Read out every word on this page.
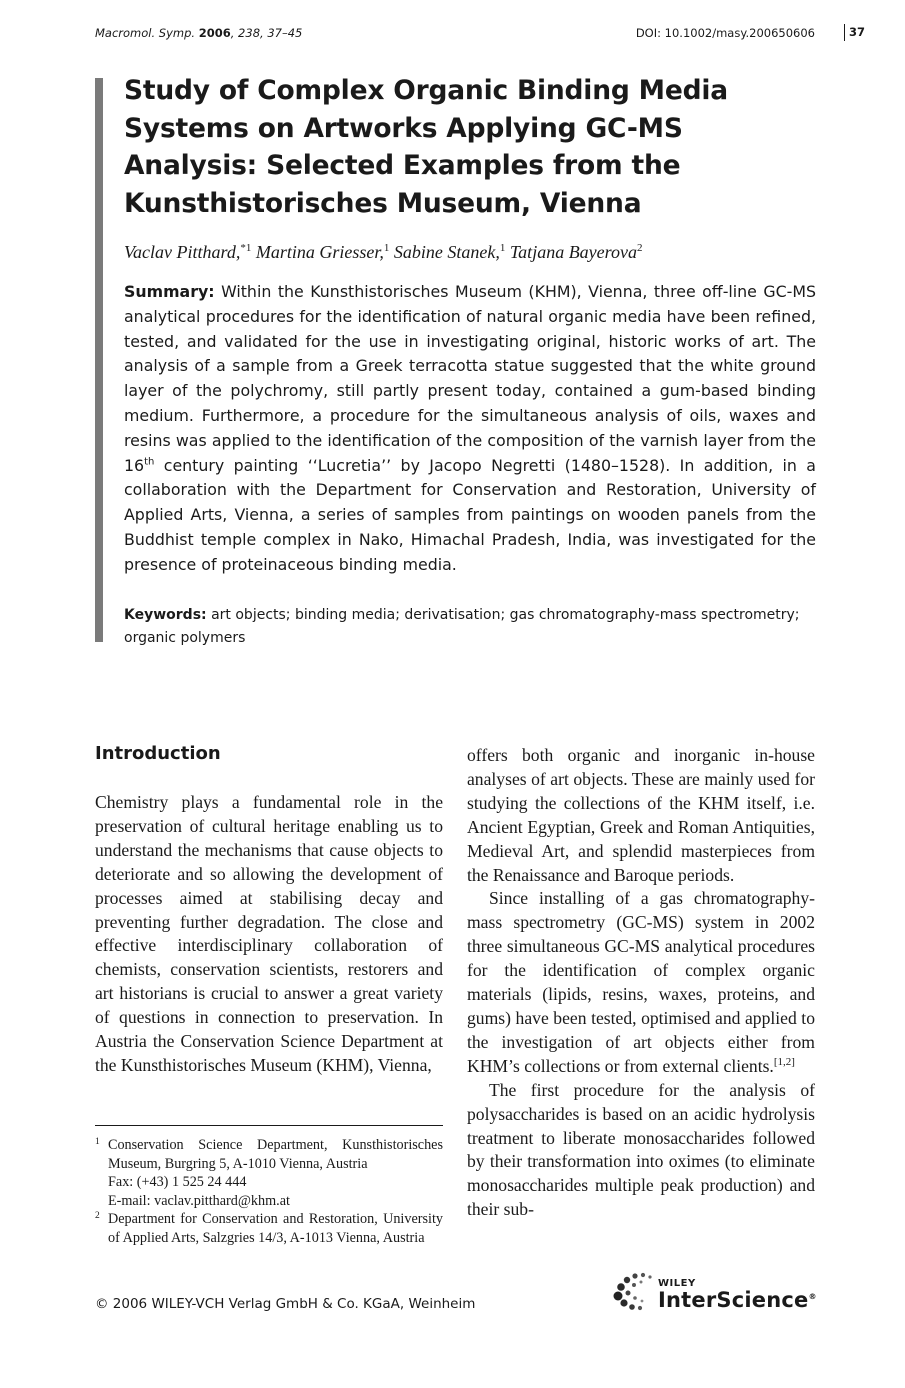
Macromol. Symp. 2006, 238, 37–45	DOI: 10.1002/masy.200650606	37
Study of Complex Organic Binding Media Systems on Artworks Applying GC-MS Analysis: Selected Examples from the Kunsthistorisches Museum, Vienna

Vaclav Pitthard,$^{*1}$ Martina Griesser,$^1$ Sabine Stanek,$^1$ Tatjana Bayerova$^2$

Summary: Within the Kunsthistorisches Museum (KHM), Vienna, three off-line GC-MS analytical procedures for the identification of natural organic media have been refined, tested, and validated for the use in investigating original, historic works of art. The analysis of a sample from a Greek terracotta statue suggested that the white ground layer of the polychromy, still partly present today, contained a gum-based binding medium. Furthermore, a procedure for the simultaneous analysis of oils, waxes and resins was applied to the identification of the composition of the varnish layer from the 16th century painting ‘‘Lucretia’’ by Jacopo Negretti (1480–1528). In addition, in a collaboration with the Department for Conservation and Restoration, University of Applied Arts, Vienna, a series of samples from paintings on wooden panels from the Buddhist temple complex in Nako, Himachal Pradesh, India, was investigated for the presence of proteinaceous binding media.

Keywords: art objects; binding media; derivatisation; gas chromatography-mass spectrometry; organic polymers

Introduction

Chemistry plays a fundamental role in the preservation of cultural heritage enabling us to understand the mechanisms that cause objects to deteriorate and so allowing the development of processes aimed at stabilising decay and preventing further degradation. The close and effective interdisciplinary collaboration of chemists, conservation scientists, restorers and art historians is crucial to answer a great variety of questions in connection to preservation. In Austria the Conservation Science Department at the Kunsthistorisches Museum (KHM), Vienna,

offers both organic and inorganic in-house analyses of art objects. These are mainly used for studying the collections of the KHM itself, i.e. Ancient Egyptian, Greek and Roman Antiquities, Medieval Art, and splendid masterpieces from the Renaissance and Baroque periods.

Since installing of a gas chromatography-mass spectrometry (GC-MS) system in 2002 three simultaneous GC-MS analytical procedures for the identification of complex organic materials (lipids, resins, waxes, proteins, and gums) have been tested, optimised and applied to the investigation of art objects either from KHM’s collections or from external clients.[1,2]

The first procedure for the analysis of polysaccharides is based on an acidic hydrolysis treatment to liberate monosaccharides followed by their transformation into oximes (to eliminate monosaccharides multiple peak production) and their sub-

1 Conservation Science Department, Kunsthistorisches Museum, Burgring 5, A-1010 Vienna, Austria
Fax: (+43) 1 525 24 444
E-mail: vaclav.pitthard@khm.at
2 Department for Conservation and Restoration, University of Applied Arts, Salzgries 14/3, A-1013 Vienna, Austria
© 2006 WILEY-VCH Verlag GmbH & Co. KGaA, Weinheim
WILEY
InterScience®
